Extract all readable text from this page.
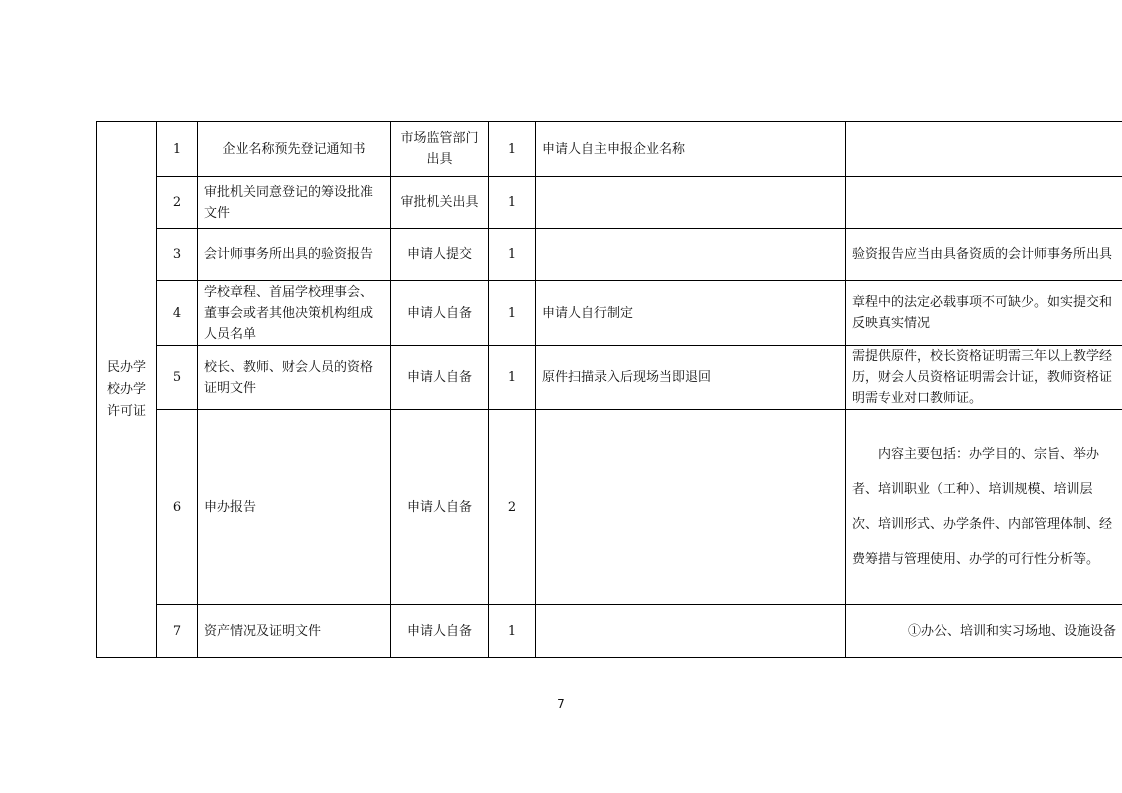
民办学校办学许可证	1	企业名称预先登记通知书	市场监管部门出具	1	申请人自主申报企业名称	
	2	审批机关同意登记的筹设批准文件	审批机关出具	1		
	3	会计师事务所出具的验资报告	申请人提交	1		验资报告应当由具备资质的会计师事务所出具
	4	学校章程、首届学校理事会、董事会或者其他决策机构组成人员名单	申请人自备	1	申请人自行制定	章程中的法定必载事项不可缺少。如实提交和反映真实情况
	5	校长、教师、财会人员的资格证明文件	申请人自备	1	原件扫描录入后现场当即退回	需提供原件，校长资格证明需三年以上教学经历，财会人员资格证明需会计证，教师资格证明需专业对口教师证。
	6	申办报告	申请人自备	2		内容主要包括：办学目的、宗旨、举办者、培训职业（工种）、培训规模、培训层次、培训形式、办学条件、内部管理体制、经费筹措与管理使用、办学的可行性分析等。
	7	资产情况及证明文件	申请人自备	1		①办公、培训和实习场地、设施设备
7
